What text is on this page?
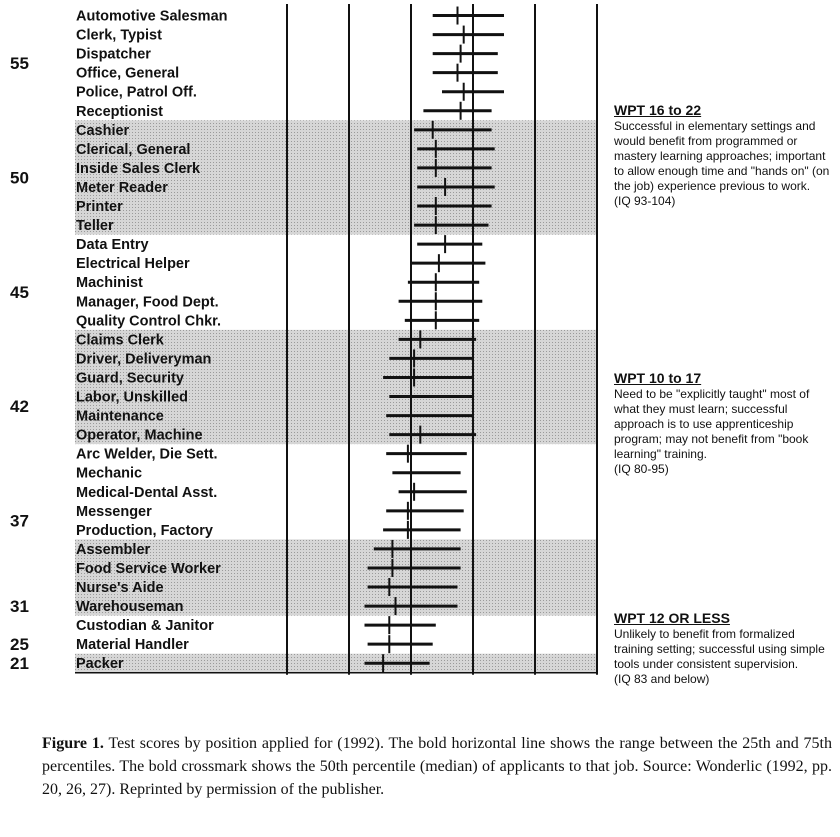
Automotive Salesman
Clerk, Typist
Dispatcher
Office, General
Police, Patrol Off.
Receptionist
Cashier
Clerical, General
Inside Sales Clerk
Meter Reader
Printer
Teller
Data Entry
Electrical Helper
Machinist
Manager, Food Dept.
Quality Control Chkr.
Claims Clerk
Driver, Deliveryman
Guard, Security
Labor, Unskilled
Maintenance
Operator, Machine
Arc Welder, Die Sett.
Mechanic
Medical-Dental Asst.
Messenger
Production, Factory
Assembler
Food Service Worker
Nurse's Aide
Warehouseman
Custodian & Janitor
Material Handler
Packer
55
50
45
42
37
31
25
21
WPT 16 to 22
Successful in elementary settings and would benefit from programmed or mastery learning approaches; important to allow enough time and "hands on" (on the job) experience previous to work.
(IQ 93-104)
WPT 10 to 17
Need to be "explicitly taught" most of what they must learn; successful approach is to use apprenticeship program; may not benefit from "book learning" training.
(IQ 80-95)
WPT 12 OR LESS
Unlikely to benefit from formalized training setting; successful using simple tools under consistent supervision.
(IQ 83 and below)

Figure 1. Test scores by position applied for (1992). The bold horizontal line shows the range between the 25th and 75th percentiles. The bold crossmark shows the 50th percentile (median) of applicants to that job. Source: Wonderlic (1992, pp. 20, 26, 27). Reprinted by permission of the publisher.
